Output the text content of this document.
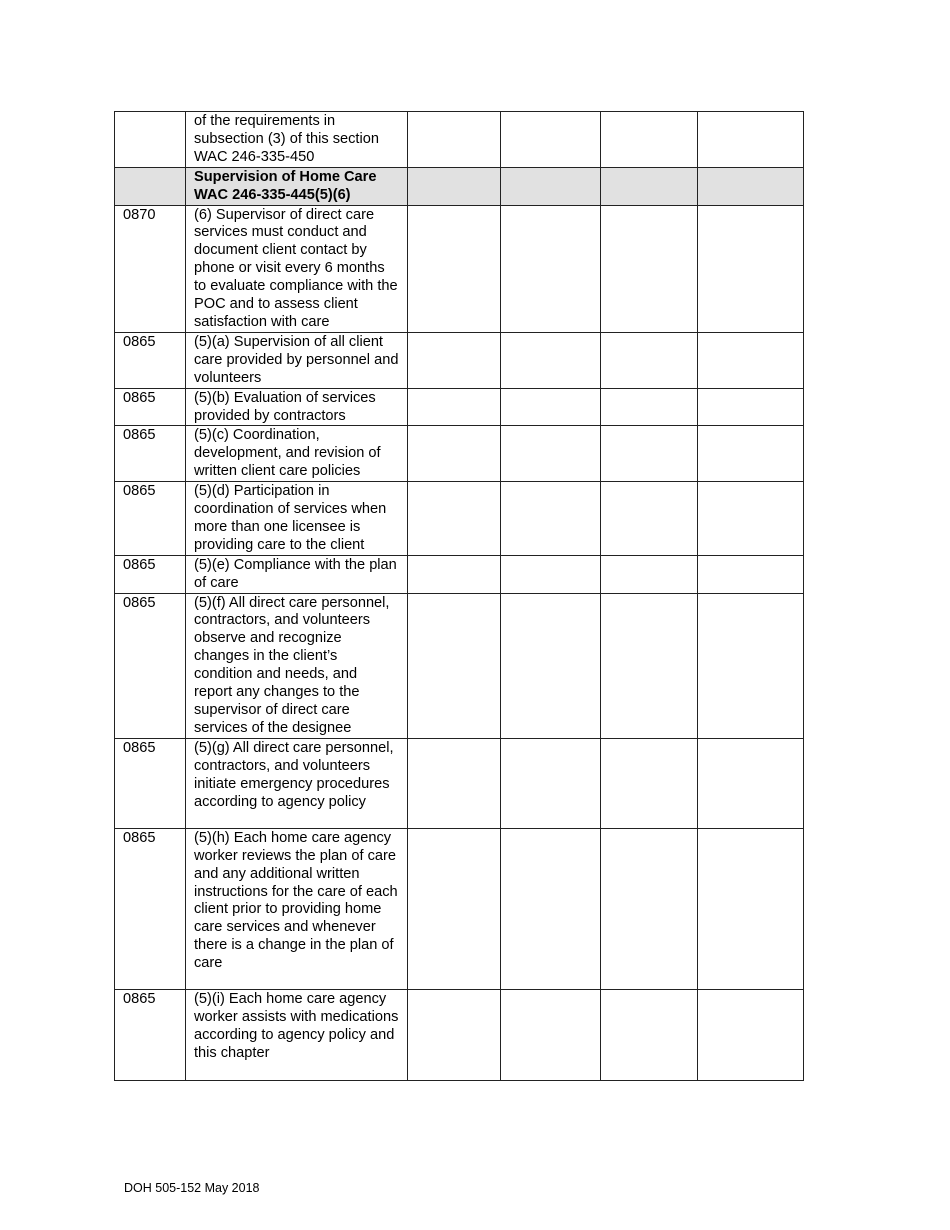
	of the requirements in subsection (3) of this section WAC 246-335-450				
	Supervision of Home Care WAC 246-335-445(5)(6)				
0870	(6) Supervisor of direct care services must conduct and document client contact by phone or visit every 6 months to evaluate compliance with the POC and to assess client satisfaction with care				
0865	(5)(a) Supervision of all client care provided by personnel and volunteers				
0865	(5)(b) Evaluation of services provided by contractors				
0865	(5)(c) Coordination, development, and revision of written client care policies				
0865	(5)(d) Participation in coordination of services when more than one licensee is providing care to the client				
0865	(5)(e) Compliance with the plan of care				
0865	(5)(f) All direct care personnel, contractors, and volunteers observe and recognize changes in the client’s condition and needs, and report any changes to the supervisor of direct care services of the designee				
0865	(5)(g) All direct care personnel, contractors, and volunteers initiate emergency procedures according to agency policy				
0865	(5)(h) Each home care agency worker reviews the plan of care and any additional written instructions for the care of each client prior to providing home care services and whenever there is a change in the plan of care				
0865	(5)(i) Each home care agency worker assists with medications according to agency policy and this chapter				
DOH 505-152 May 2018
